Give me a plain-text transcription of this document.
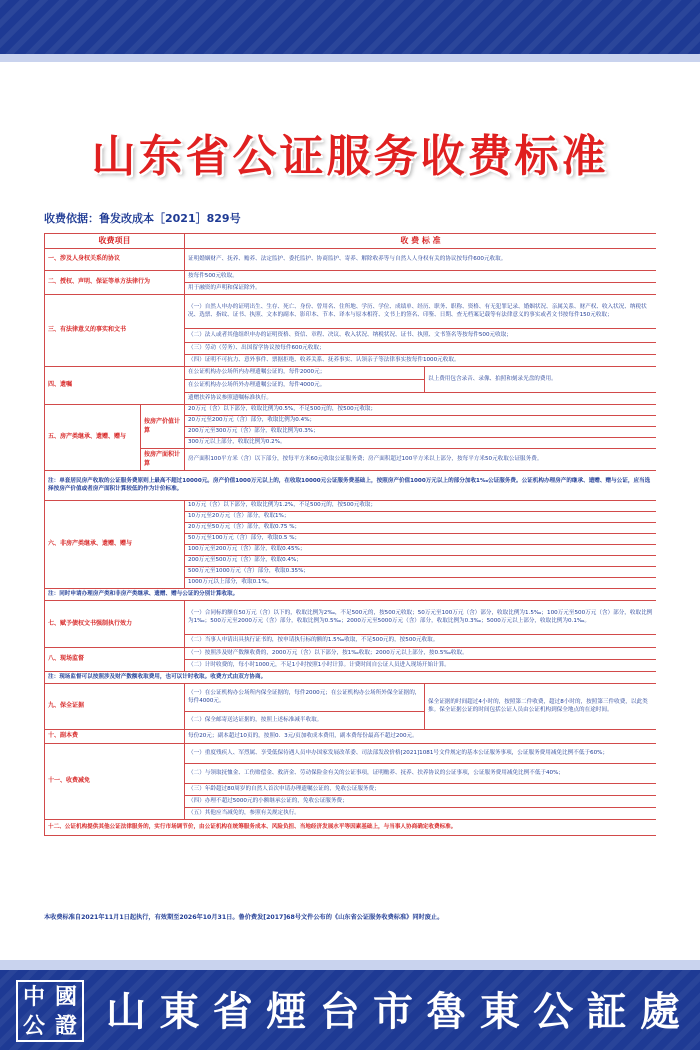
山东省公证服务收费标准
收费依据：鲁发改成本［2021］829号
收费项目		收 费 标 准	
一、涉及人身权关系的协议		证明婚姻财产、抚养、赡养、法定监护、委托监护、协商监护、寄养、解除收养等与自然人人身权有关的协议按每件600元收取。	
二、授权、声明、保证等单方法律行为		按每件500元收取。	
		用于融资的声明和保证除外。	
三、有法律意义的事实和文书		（一）自然人申办的证明出生、生存、死亡、身份、曾用名、住所地、学历、学位、成绩单、经历、职务、职称、资格、有无犯罪记录、婚姻状况、亲属关系、财产权、收入状况、纳税状况、选票、指纹、证书、执照、文本的副本、影印本、节本、译本与原本相符、文书上的签名、印鉴、日期、查无档案记载等有法律意义的事实或者文书按每件150元收取；	
		（二）法人或者其他组织申办的证明资格、资信、章程、决议、收入状况、纳税状况、证书、执照、文书签名等按每件500元收取；	
		（三）劳动（劳务）、出国留学协议按每件600元收取；	
		（四）证明不可抗力、意外事件、票据拒绝、收养关系、抚养事实、认领亲子等法律事实按每件1000元收取。	
四、遗嘱		在公证机构办公场所内办理遗嘱公证的，每件2000元；	以上费用包含录音、录像、拍照和刻录光盘的费用。
		在公证机构办公场所外办理遗嘱公证的，每件4000元。	
		遗赠扶养协议参照遗嘱标准执行。	
五、房产类继承、遗赠、赠与	按房产价值计算	20万元（含）以下部分，收取比例为0.5%，不足500元的，按500元收取；	
		20万元至200万元（含）部分，收取比例为0.4%；	
		200万元至300万元（含）部分，收取比例为0.3%；	
		300万元以上部分，收取比例为0.2%。	
	按房产面积计算	房产面积100平方米（含）以下部分，按每平方米60元收取公证服务费；房产面积超过100平方米以上部分，按每平方米50元收取公证服务费。	
注：单套居民房产收取的公证服务费原则上最高不超过10000元。房产价值1000万元以上的，在收取10000元公证服务费基础上，按照房产价值1000万元以上的部分加收1‰公证服务费。公证机构办理房产的继承、遗赠、赠与公证，应当选择按房产价值或者房产面积计算较低的作为计价标准。			
六、非房产类继承、遗赠、赠与		10万元（含）以下部分，收取比例为1.2%，不足500元的，按500元收取；	
		10万元至20万元（含）部分，收取1%；	
		20万元至50万元（含）部分，收取0.75 %；	
		50万元至100万元（含）部分，收取0.5 %；	
		100万元至200万元（含）部分，收取0.45%；	
		200万元至500万元（含）部分，收取0.4%；	
		500万元至1000万元（含）部分，收取0.35%；	
		1000万元以上部分，收取0.1%。	
注：同时申请办理房产类和非房产类继承、遗赠、赠与公证的分别计算收取。			
七、赋予债权文书强制执行效力		（一）合同标的额在50万元（含）以下的，收取比例为2‰，不足500元的，按500元收取；50万元至100万元（含）部分，收取比例为1.5‰；100万元至500万元（含）部分，收取比例为1‰；500万元至2000万元（含）部分，收取比例为0.5‰；2000万元至5000万元（含）部分，收取比例为0.3‰；5000万元以上部分，收取比例为0.1‰。	
		（二）当事人申请出具执行证书的，按申请执行标的额的1.5‰收取，不足500元的，按500元收取。	
八、现场监督		（一）按照涉及财产数额收费的，2000万元（含）以下部分，按1‰收取；2000万元以上部分，按0.5‰收取。	
		（二）计时收费的，每小时1000元，不足1小时按照1小时计算。计费时间自公证人员进入现场开始计算。	
注：现场监督可以按照涉及财产数额收取费用，也可以计时收取。收费方式由双方协商。			
九、保全证据		（一）在公证机构办公场所内保全证据的，每件2000元；在公证机构办公场所外保全证据的，每件4000元。	保全证据的时间超过4小时的，按照第二件收费，超过8小时的，按照第三件收费，以此类推。保全证据公证的时间包括公证人员由公证机构到保全地点的在途时间。
		（二）保全邮寄送达证据的，按照上述标准减半收取。	
十、副本费		每份20元；副本超过10页的，按照0．3元/页加收成本费用，副本费每份最高不超过200元。	
十一、收费减免		（一）重度残疾人、军烈属、享受低保待遇人员申办国家发展改革委、司法部发改价格[2021]1081号文件规定的基本公证服务事项，公证服务费用减免比例不低于60%；	
		（二）与领取抚恤金、工伤赔偿金、救济金、劳动保险金有关的公证事项，证明赡养、抚养、扶养协议的公证事项，公证服务费用减免比例不低于40%；	
		（三）年龄超过80周岁的自然人首次申请办理遗嘱公证的，免收公证服务费；	
		（四）办理不超过5000元的小额继承公证的，免收公证服务费；	
		（五）其他应当减免的，参照有关规定执行。	
十二、公证机构提供其他公证法律服务的，实行市场调节价，由公证机构在统筹服务成本、风险负担、当地经济发展水平等因素基础上，与当事人协商确定收费标准。			
本收费标准自2021年11月1日起执行，有效期至2026年10月31日。鲁价费发[2017]68号文件公布的《山东省公证服务收费标准》同时废止。
中 國
公 證 山 東 省 煙 台 市 魯 東 公 証 處
